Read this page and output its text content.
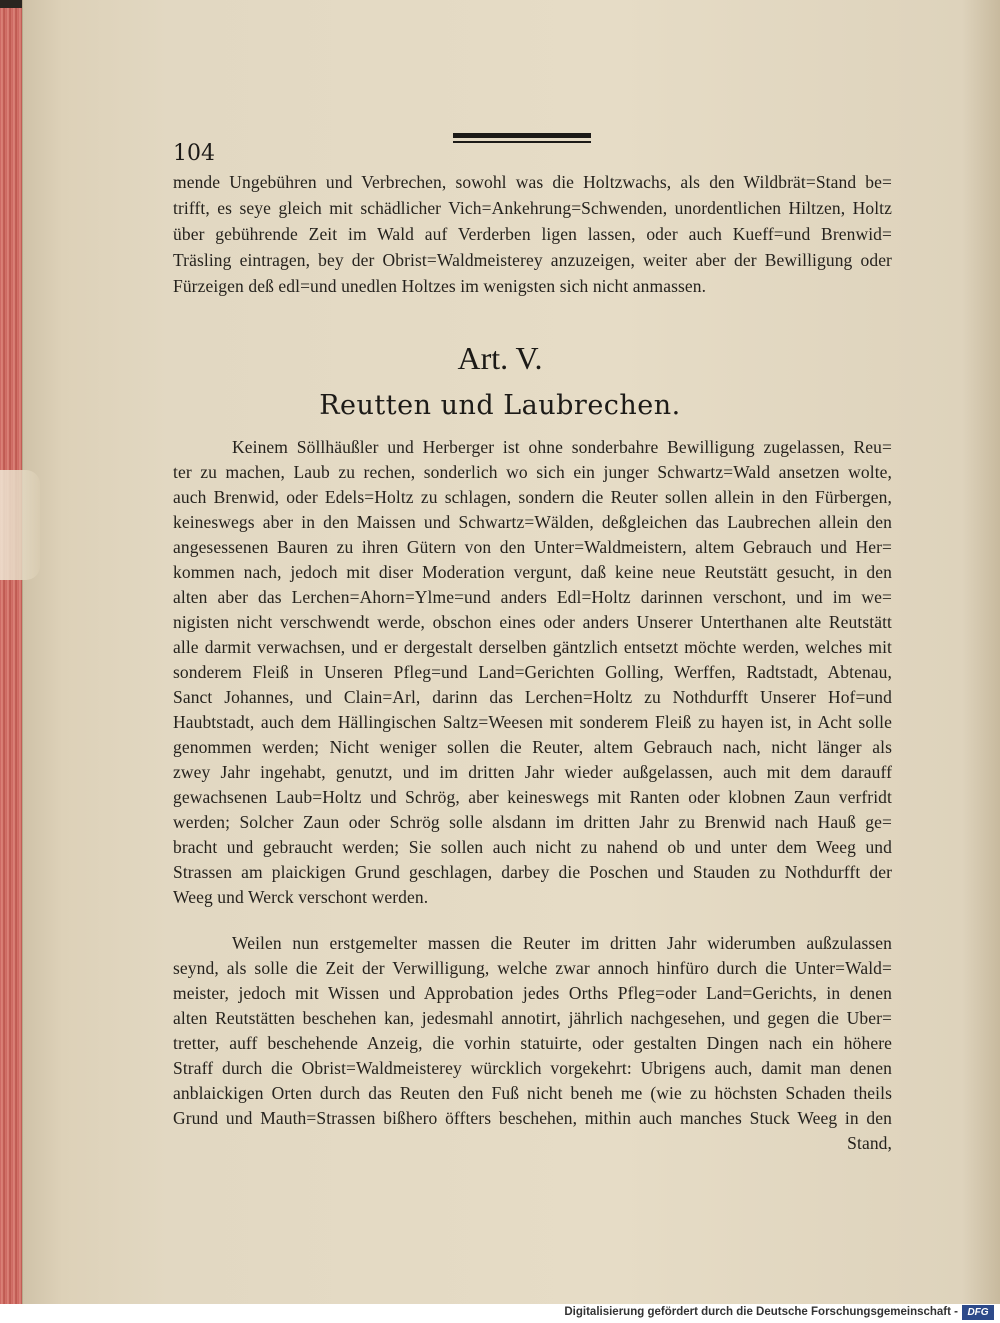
104
mende Ungebühren und Verbrechen, sowohl was die Holtzwachs, als den Wildbrät=Stand be=
trifft, es seye gleich mit schädlicher Vich=Ankehrung=Schwenden, unordentlichen Hiltzen, Holtz
über gebührende Zeit im Wald auf Verderben ligen lassen, oder auch Kueff=und Brenwid=
Träsling eintragen, bey der Obrist=Waldmeisterey anzuzeigen, weiter aber der Bewilligung oder
Fürzeigen deß edl=und unedlen Holtzes im wenigsten sich nicht anmassen.
Art. V.
Reutten und Laubrechen.
Keinem Söllhäußler und Herberger ist ohne sonderbahre Bewilligung zugelassen, Reu=
ter zu machen, Laub zu rechen, sonderlich wo sich ein junger Schwartz=Wald ansetzen wolte,
auch Brenwid, oder Edels=Holtz zu schlagen, sondern die Reuter sollen allein in den Fürbergen,
keineswegs aber in den Maissen und Schwartz=Wälden, deßgleichen das Laubrechen allein den
angesessenen Bauren zu ihren Gütern von den Unter=Waldmeistern, altem Gebrauch und Her=
kommen nach, jedoch mit diser Moderation vergunt, daß keine neue Reutstätt gesucht, in den
alten aber das Lerchen=Ahorn=Ylme=und anders Edl=Holtz darinnen verschont, und im we=
nigisten nicht verschwendt werde, obschon eines oder anders Unserer Unterthanen alte Reutstätt
alle darmit verwachsen, und er dergestalt derselben gäntzlich entsetzt möchte werden, welches mit
sonderem Fleiß in Unseren Pfleg=und Land=Gerichten Golling, Werffen, Radtstadt, Abtenau,
Sanct Johannes, und Clain=Arl, darinn das Lerchen=Holtz zu Nothdurfft Unserer Hof=und
Haubtstadt, auch dem Hällingischen Saltz=Weesen mit sonderem Fleiß zu hayen ist, in Acht solle
genommen werden; Nicht weniger sollen die Reuter, altem Gebrauch nach, nicht länger als
zwey Jahr ingehabt, genutzt, und im dritten Jahr wieder außgelassen, auch mit dem darauff
gewachsenen Laub=Holtz und Schrög, aber keineswegs mit Ranten oder klobnen Zaun verfridt
werden; Solcher Zaun oder Schrög solle alsdann im dritten Jahr zu Brenwid nach Hauß ge=
bracht und gebraucht werden; Sie sollen auch nicht zu nahend ob und unter dem Weeg und
Strassen am plaickigen Grund geschlagen, darbey die Poschen und Stauden zu Nothdurfft der
Weeg und Werck verschont werden.
Weilen nun erstgemelter massen die Reuter im dritten Jahr widerumben außzulassen
seynd, als solle die Zeit der Verwilligung, welche zwar annoch hinfüro durch die Unter=Wald=
meister, jedoch mit Wissen und Approbation jedes Orths Pfleg=oder Land=Gerichts, in denen
alten Reutstätten beschehen kan, jedesmahl annotirt, jährlich nachgesehen, und gegen die Uber=
tretter, auff beschehende Anzeig, die vorhin statuirte, oder gestalten Dingen nach ein höhere
Straff durch die Obrist=Waldmeisterey würcklich vorgekehrt: Ubrigens auch, damit man denen
anblaickigen Orten durch das Reuten den Fuß nicht beneh me (wie zu höchsten Schaden theils
Grund und Mauth=Strassen bißhero öffters beschehen, mithin auch manches Stuck Weeg in den
Stand,
Digitalisierung gefördert durch die Deutsche Forschungsgemeinschaft - DFG
